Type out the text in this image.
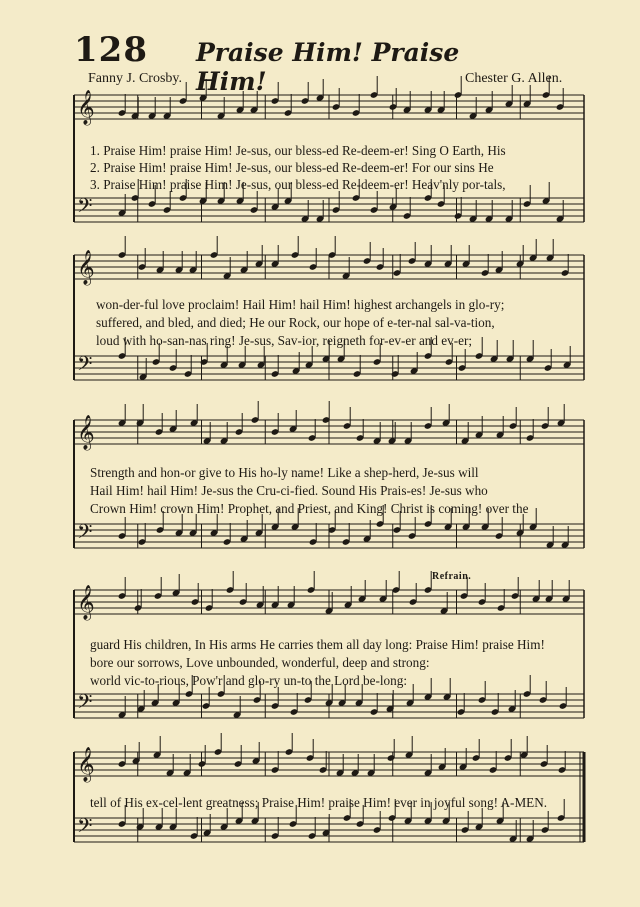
128 Praise Him! Praise Him!
Fanny J. Crosby.	Chester G. Allen.
𝄞
𝄢
𝄞
𝄢
𝄞
𝄢
𝄞
𝄢
𝄞
𝄢
1. Praise Him! praise Him! Je-sus, our bless-ed Re-deem-er! Sing O Earth, His
2. Praise Him! praise Him! Je-sus, our bless-ed Re-deem-er! For our sins He
3. Praise Him! praise Him! Je-sus, our bless-ed Re-deem-er! Heav'nly por-tals,
won-der-ful love proclaim! Hail Him! hail Him! highest archangels in glo-ry;
suffered, and bled, and died; He our Rock, our hope of e-ter-nal sal-va-tion,
loud with ho-san-nas ring! Je-sus, Sav-ior, reigneth for-ev-er and ev-er;
Strength and hon-or give to His ho-ly name! Like a shep-herd, Je-sus will
Hail Him! hail Him! Je-sus the Cru-ci-fied. Sound His Prais-es! Je-sus who
Crown Him! crown Him! Prophet, and Priest, and King! Christ is coming! over the
Refrain.
guard His children, In His arms He carries them all day long: Praise Him! praise Him!
bore our sorrows, Love unbounded, wonderful, deep and strong:
world vic-to-rious, Pow'r and glo-ry un-to the Lord be-long:
tell of His ex-cel-lent greatness; Praise Him! praise Him! ever in joyful song! A-MEN.
